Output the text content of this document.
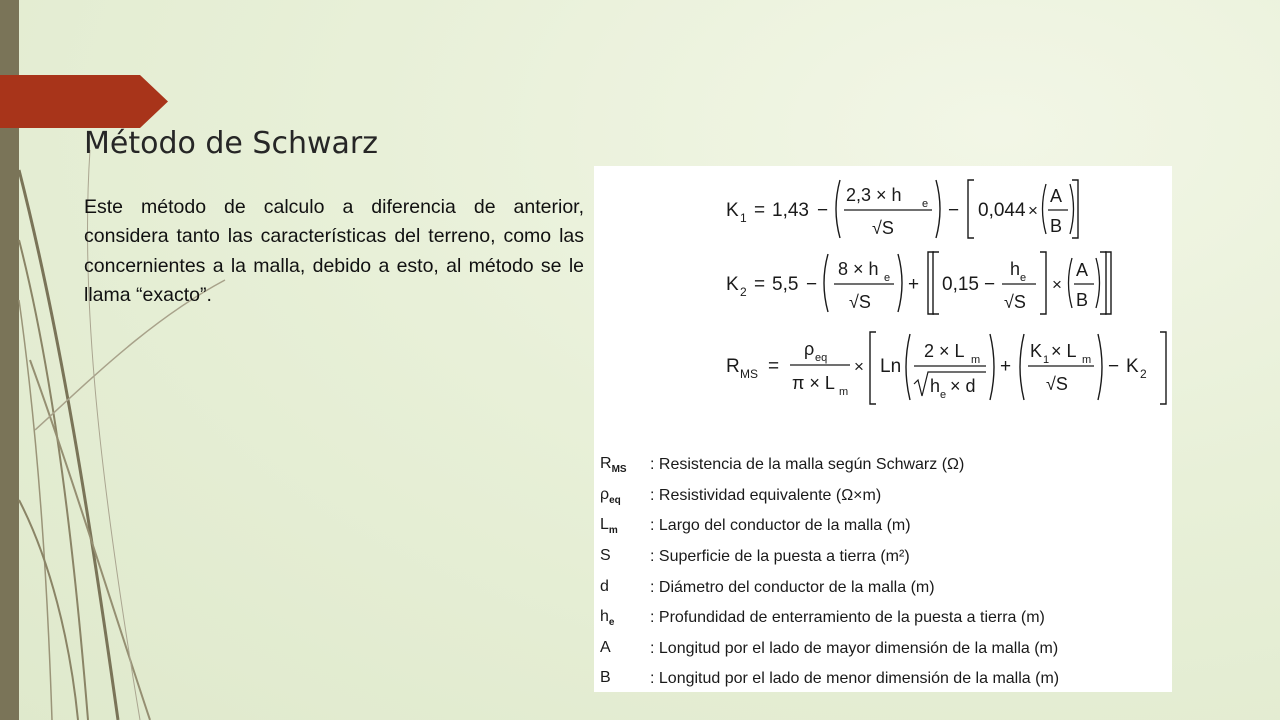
Método de Schwarz

Este método de calculo a diferencia de anterior, considera tanto las características del terreno, como las concernientes a la malla, debido a esto, al método se le llama “exacto”.

K 1 = 1,43 −
2,3 × h e
√S
− 0,044 ×
A
B
K 2 = 5,5 −
8 × h e
√S
+ 0,15 −
h e
√S
×
A
B
R MS =
ρ eq
π × L m
× Ln
2 × L m
h e × d
+
K 1 × L m
√S
− K 2
$R_{MS}$	: Resistencia de la malla según Schwarz (Ω)
$\rho_{eq}$	: Resistividad equivalente (Ω×m)
$L_m$	: Largo del conductor de la malla (m)
S	: Superficie de la puesta a tierra (m²)
d	: Diámetro del conductor de la malla (m)
$h_e$	: Profundidad de enterramiento de la puesta a tierra (m)
A	: Longitud por el lado de mayor dimensión de la malla (m)
B	: Longitud por el lado de menor dimensión de la malla (m)
